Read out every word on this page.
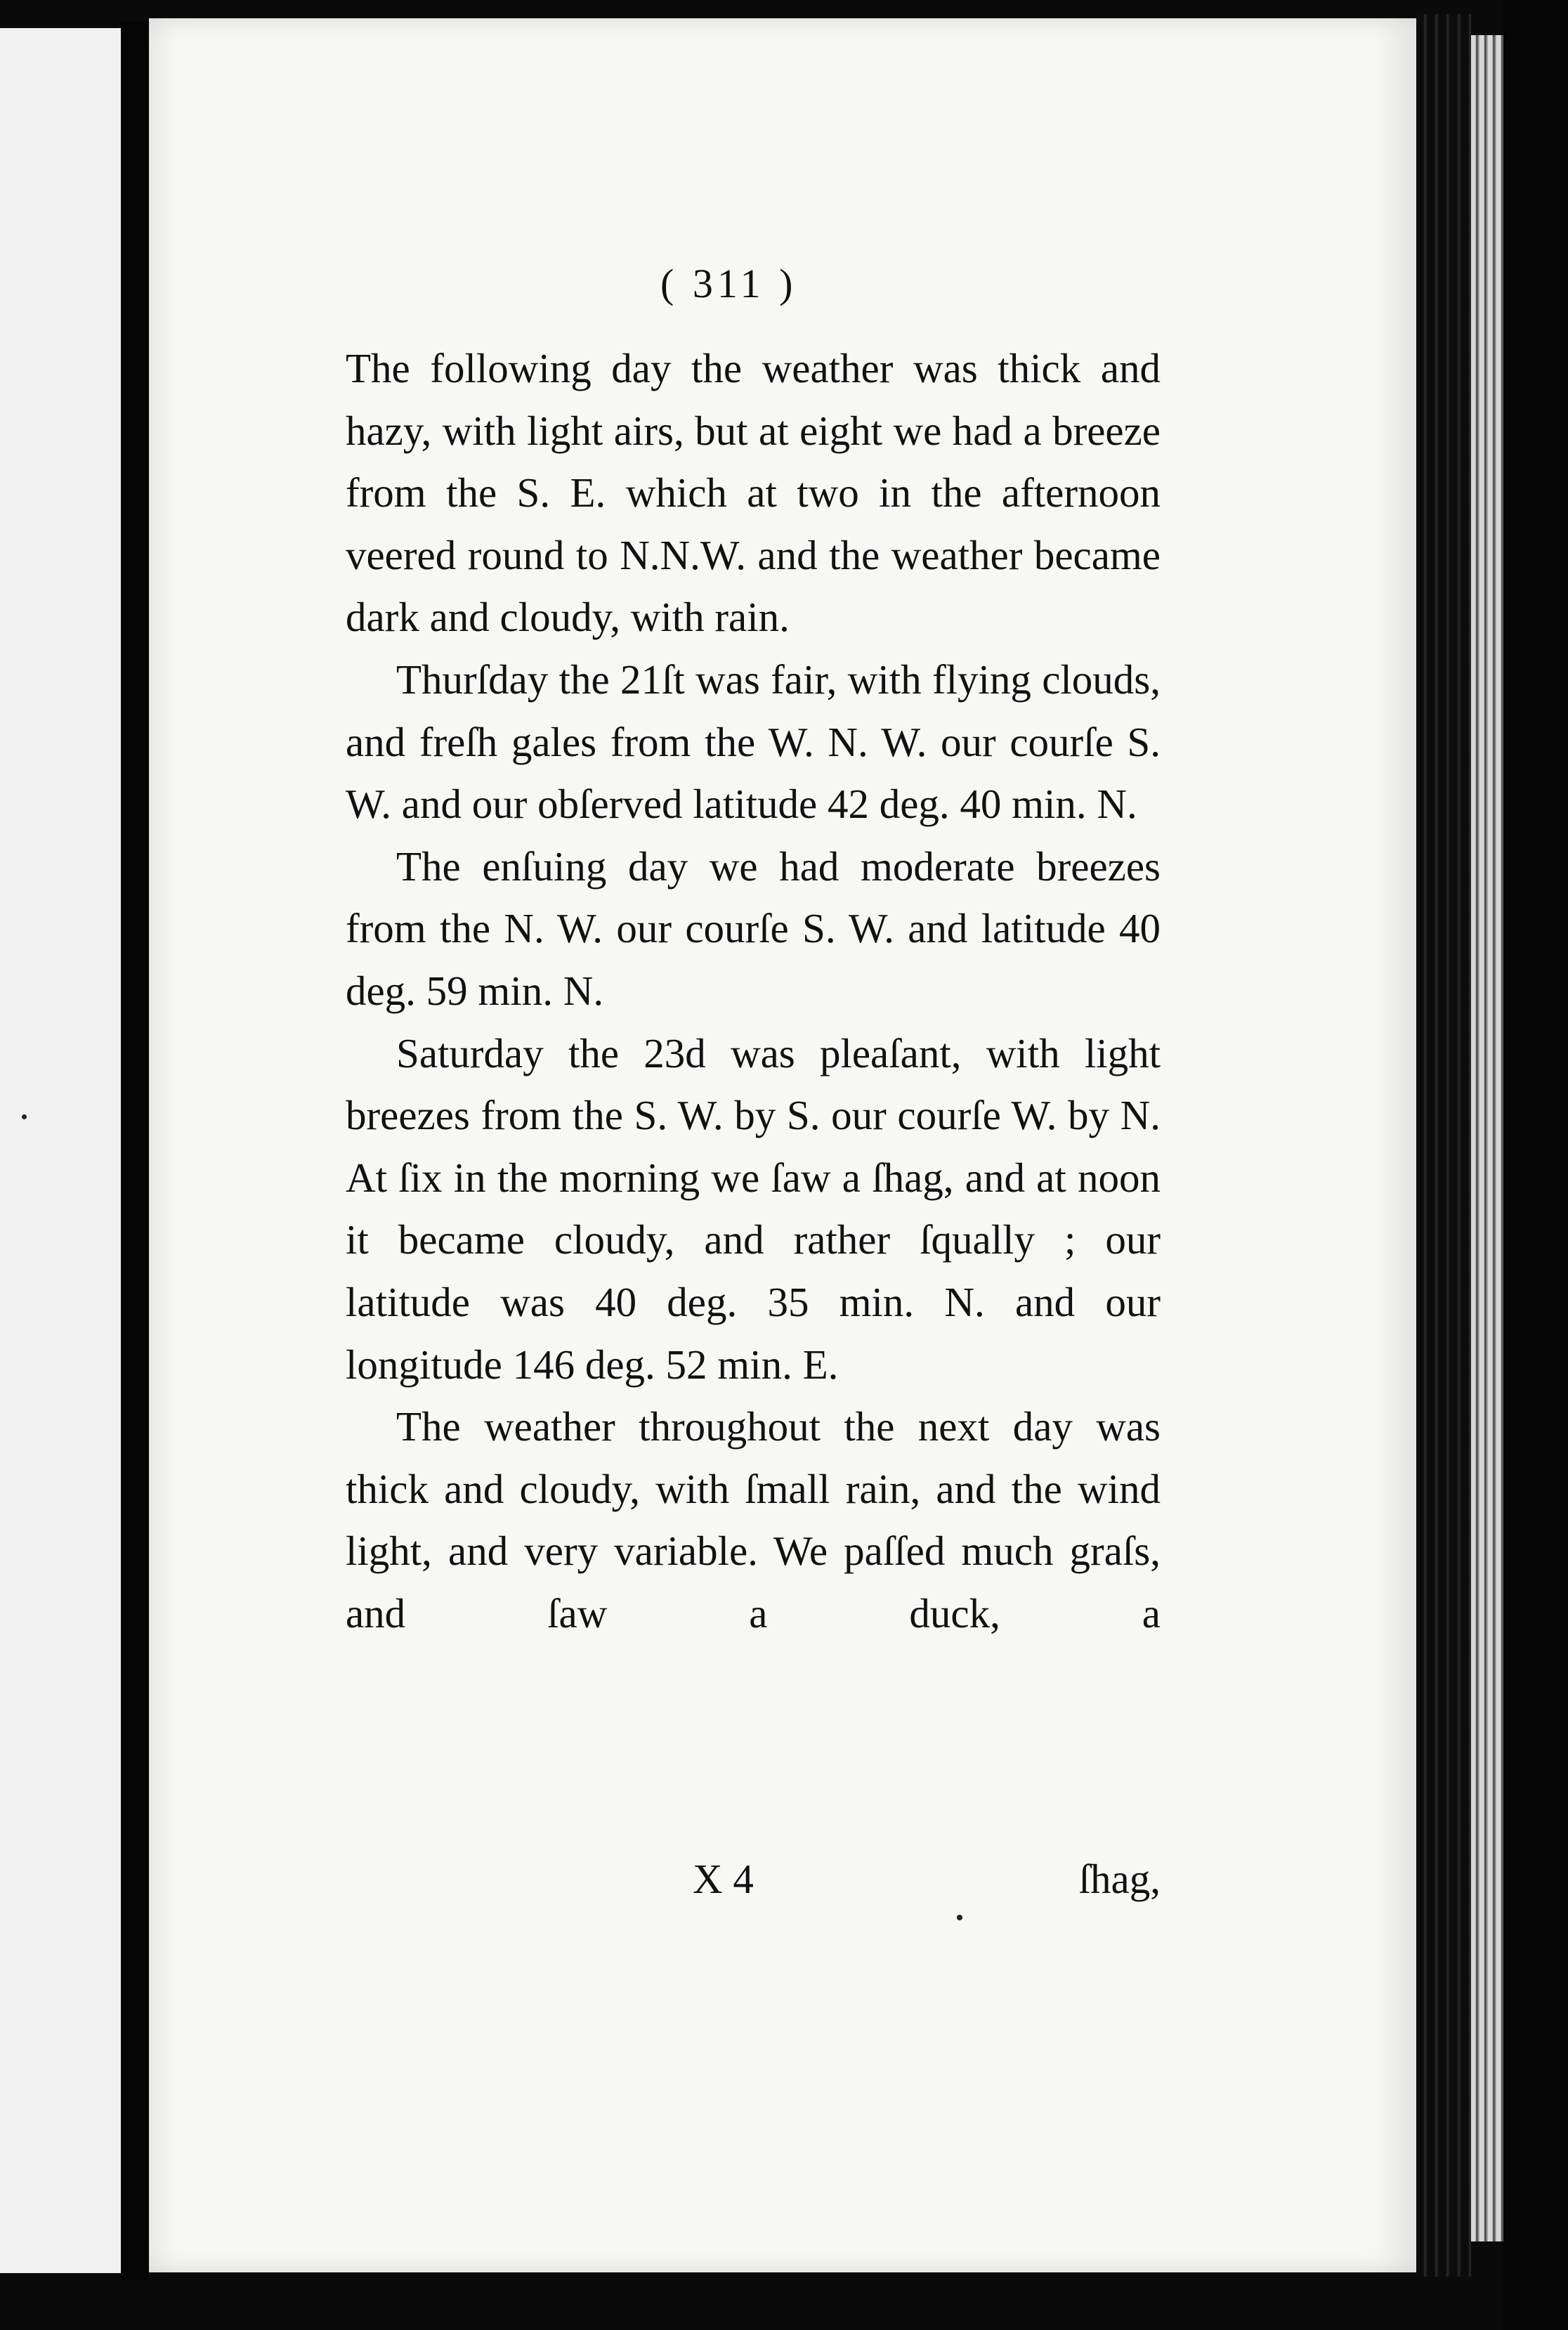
( 311 )

The following day the weather was thick and hazy, with light airs, but at eight we had a breeze from the S. E. which at two in the afternoon veered round to N.N.W. and the weather became dark and cloudy, with rain.

Thurſday the 21ſt was fair, with flying clouds, and freſh gales from the W. N. W. our courſe S. W. and our obſerved latitude 42 deg. 40 min. N.

The enſuing day we had moderate breezes from the N. W. our courſe S. W. and latitude 40 deg. 59 min. N.

Saturday the 23d was pleaſant, with light breezes from the S. W. by S. our courſe W. by N. At ſix in the morning we ſaw a ſhag, and at noon it became cloudy, and rather ſqually ; our latitude was 40 deg. 35 min. N. and our longitude 146 deg. 52 min. E.

The weather throughout the next day was thick and cloudy, with ſmall rain, and the wind light, and very variable. We paſſed much graſs, and ſaw a duck, a

X 4	ſhag,
